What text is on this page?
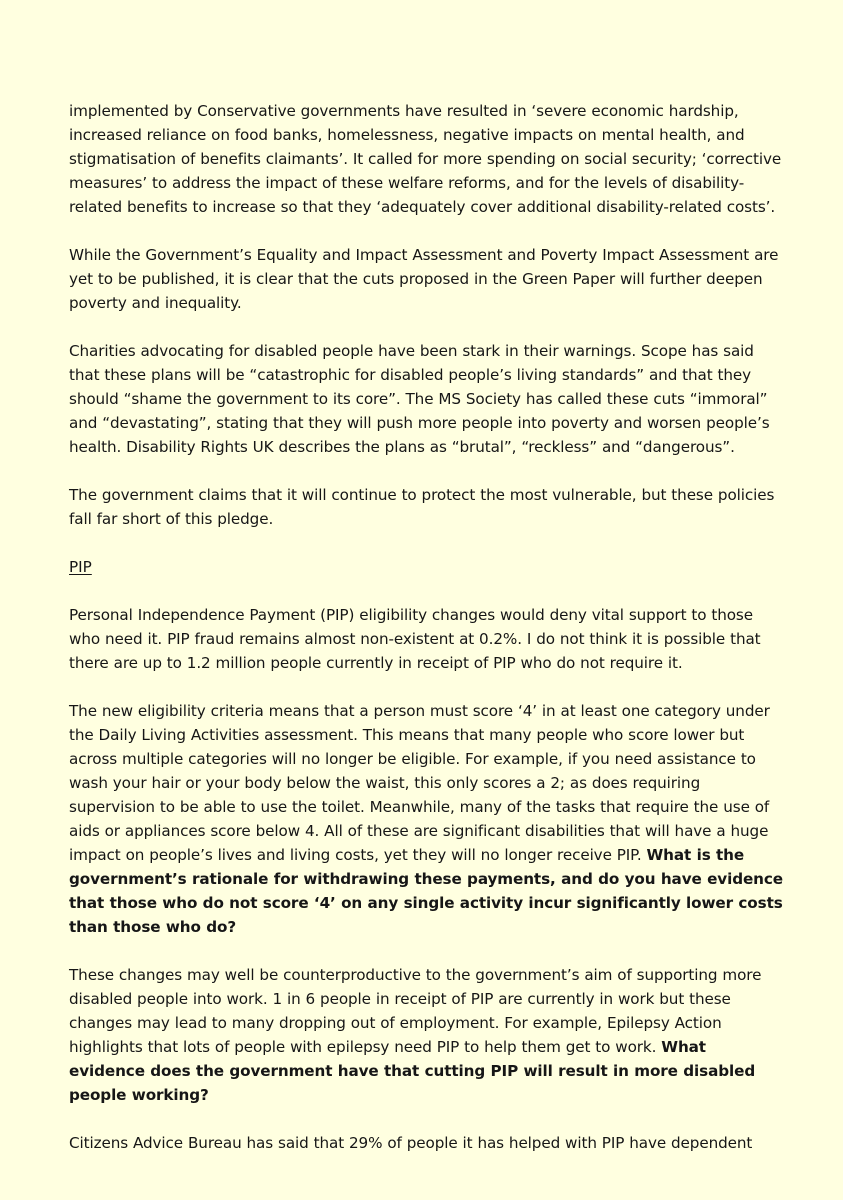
implemented by Conservative governments have resulted in ‘severe economic hardship, increased reliance on food banks, homelessness, negative impacts on mental health, and stigmatisation of benefits claimants’. It called for more spending on social security; ‘corrective measures’ to address the impact of these welfare reforms, and for the levels of disability-related benefits to increase so that they ‘adequately cover additional disability-related costs’.

While the Government’s Equality and Impact Assessment and Poverty Impact Assessment are yet to be published, it is clear that the cuts proposed in the Green Paper will further deepen poverty and inequality.

Charities advocating for disabled people have been stark in their warnings. Scope has said that these plans will be “catastrophic for disabled people’s living standards” and that they should “shame the government to its core”. The MS Society has called these cuts “immoral” and “devastating”, stating that they will push more people into poverty and worsen people’s health. Disability Rights UK describes the plans as “brutal”, “reckless” and “dangerous”.

The government claims that it will continue to protect the most vulnerable, but these policies fall far short of this pledge.

PIP

Personal Independence Payment (PIP) eligibility changes would deny vital support to those who need it. PIP fraud remains almost non-existent at 0.2%. I do not think it is possible that there are up to 1.2 million people currently in receipt of PIP who do not require it.

The new eligibility criteria means that a person must score ‘4’ in at least one category under the Daily Living Activities assessment. This means that many people who score lower but across multiple categories will no longer be eligible. For example, if you need assistance to wash your hair or your body below the waist, this only scores a 2; as does requiring supervision to be able to use the toilet. Meanwhile, many of the tasks that require the use of aids or appliances score below 4. All of these are significant disabilities that will have a huge impact on people’s lives and living costs, yet they will no longer receive PIP. What is the government’s rationale for withdrawing these payments, and do you have evidence that those who do not score ‘4’ on any single activity incur significantly lower costs than those who do?

These changes may well be counterproductive to the government’s aim of supporting more disabled people into work. 1 in 6 people in receipt of PIP are currently in work but these changes may lead to many dropping out of employment. For example, Epilepsy Action highlights that lots of people with epilepsy need PIP to help them get to work. What evidence does the government have that cutting PIP will result in more disabled people working?

Citizens Advice Bureau has said that 29% of people it has helped with PIP have dependent
